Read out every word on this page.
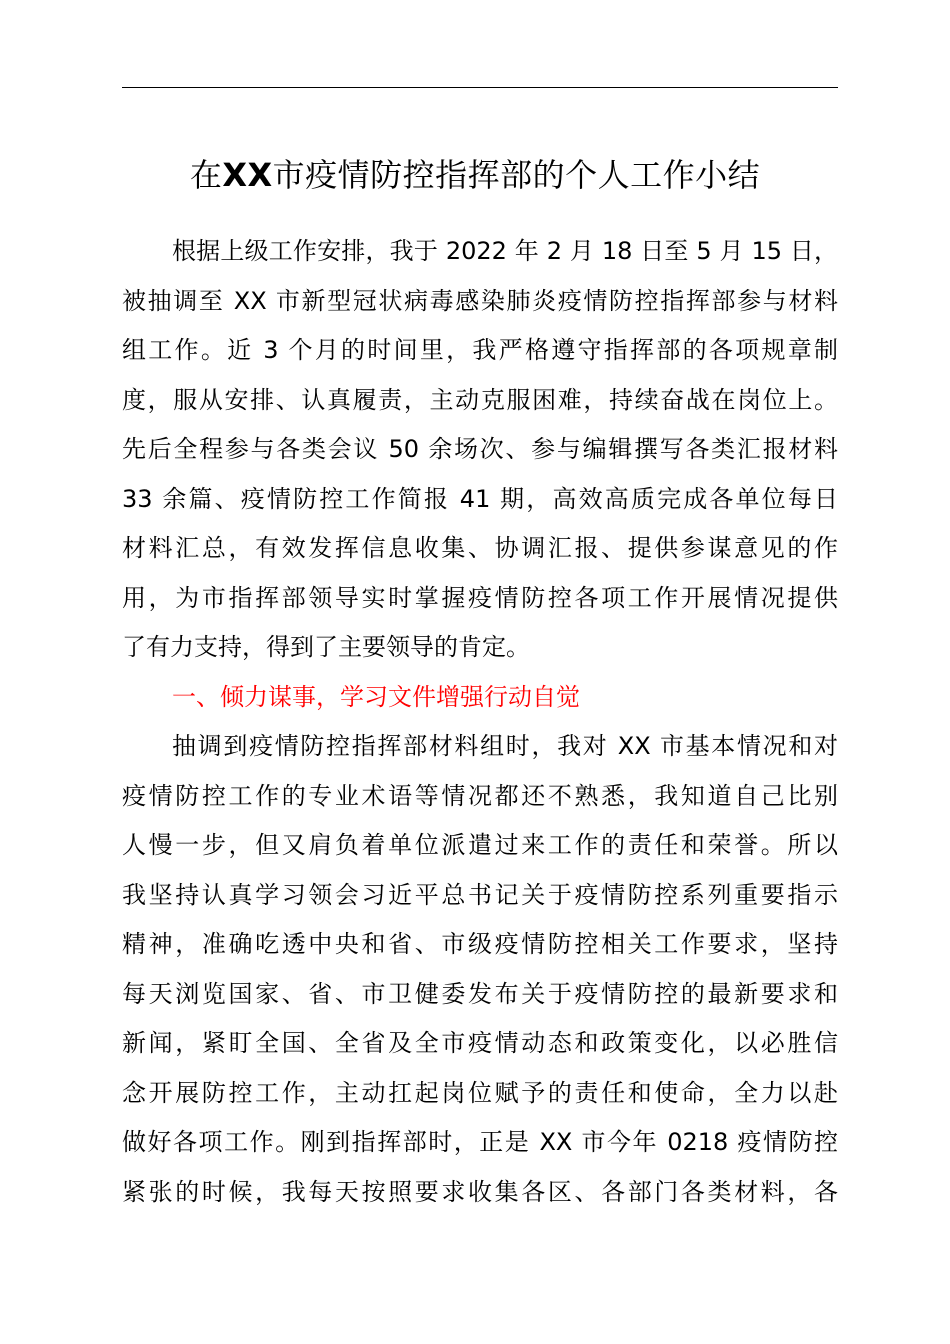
在XX市疫情防控指挥部的个人工作小结
根据上级工作安排，我于 2022 年 2 月 18 日至 5 月 15 日，
被抽调至 XX 市新型冠状病毒感染肺炎疫情防控指挥部参与材料
组工作。近 3 个月的时间里，我严格遵守指挥部的各项规章制
度，服从安排、认真履责，主动克服困难，持续奋战在岗位上。
先后全程参与各类会议 50 余场次、参与编辑撰写各类汇报材料
33 余篇、疫情防控工作简报 41 期，高效高质完成各单位每日
材料汇总，有效发挥信息收集、协调汇报、提供参谋意见的作
用，为市指挥部领导实时掌握疫情防控各项工作开展情况提供
了有力支持，得到了主要领导的肯定。
一、倾力谋事，学习文件增强行动自觉
抽调到疫情防控指挥部材料组时，我对 XX 市基本情况和对
疫情防控工作的专业术语等情况都还不熟悉，我知道自己比别
人慢一步，但又肩负着单位派遣过来工作的责任和荣誉。所以
我坚持认真学习领会习近平总书记关于疫情防控系列重要指示
精神，准确吃透中央和省、市级疫情防控相关工作要求，坚持
每天浏览国家、省、市卫健委发布关于疫情防控的最新要求和
新闻，紧盯全国、全省及全市疫情动态和政策变化，以必胜信
念开展防控工作，主动扛起岗位赋予的责任和使命，全力以赴
做好各项工作。刚到指挥部时，正是 XX 市今年 0218 疫情防控
紧张的时候，我每天按照要求收集各区、各部门各类材料，各
